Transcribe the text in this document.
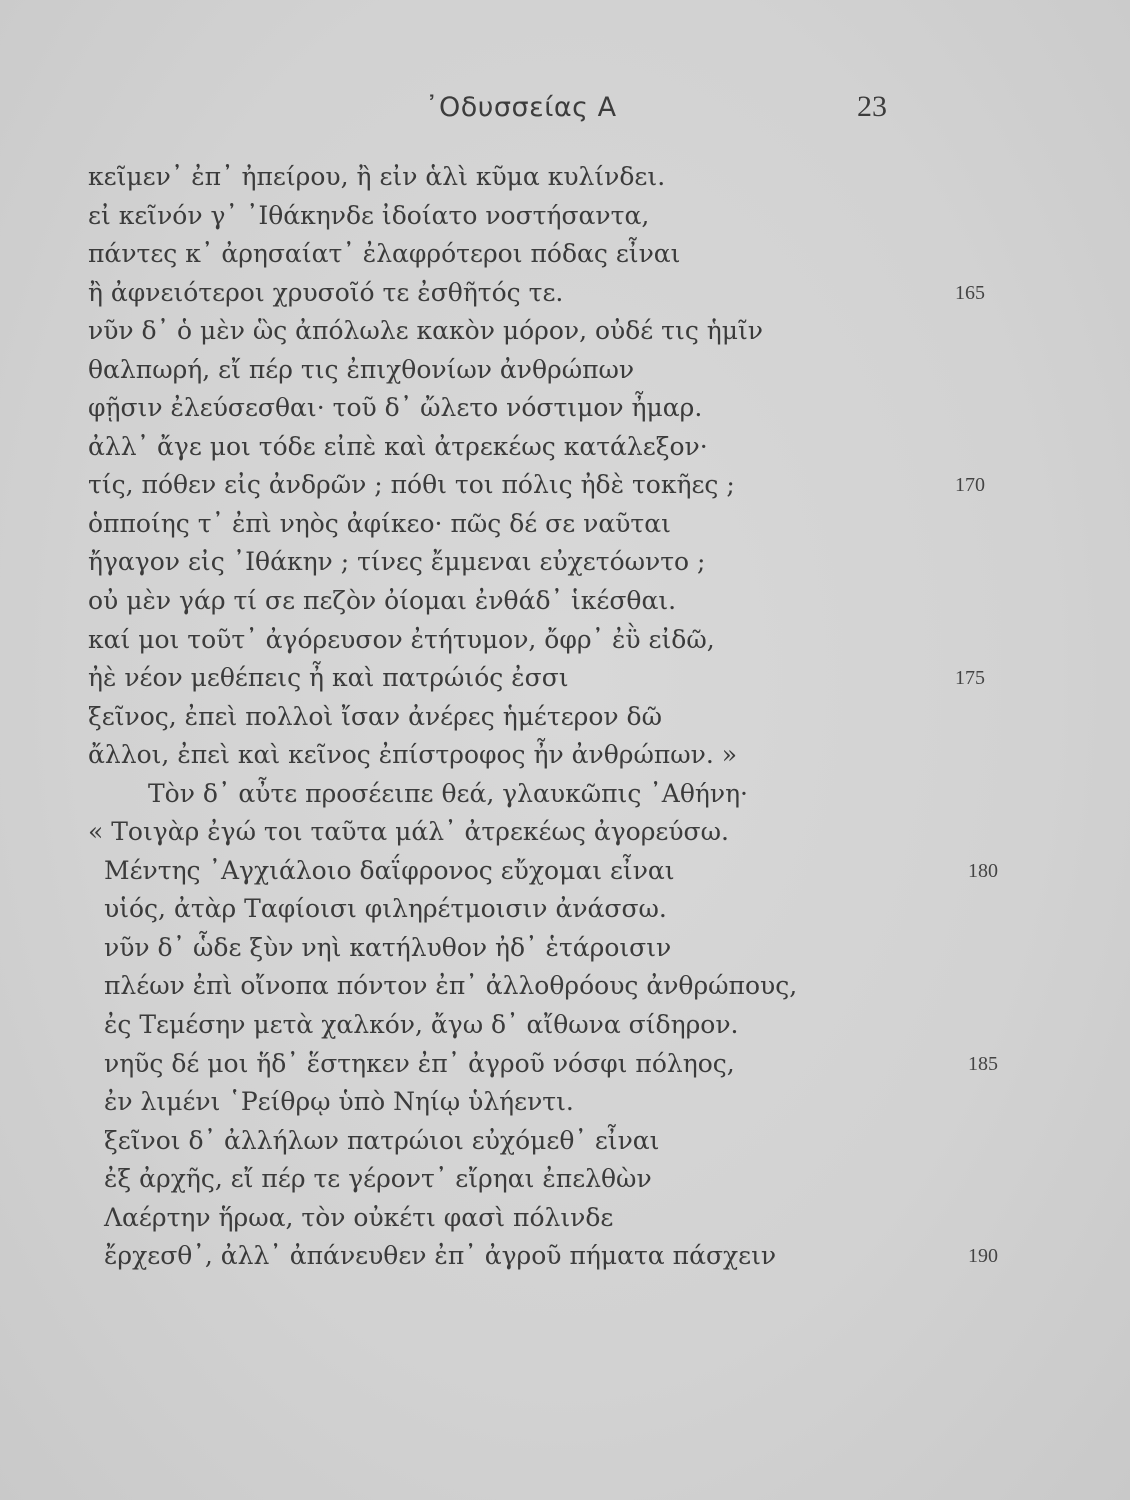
᾿Οδυσσείας Α	23
κεῖμεν᾿ ἐπ᾿ ἠπείρου, ἢ εἰν ἁλὶ κῦμα κυλίνδει.
εἰ κεῖνόν γ᾿ ᾿Ιθάκηνδε ἰδοίατο νοστήσαντα,
πάντες κ᾿ ἀρησαίατ᾿ ἐλαφρότεροι πόδας εἶναι
ἢ ἀφνειότεροι χρυσοῖό τε ἐσθῆτός τε.	165
νῦν δ᾿ ὁ μὲν ὣς ἀπόλωλε κακὸν μόρον, οὐδέ τις ἡμῖν
θαλπωρή, εἴ πέρ τις ἐπιχθονίων ἀνθρώπων
φῇσιν ἐλεύσεσθαι· τοῦ δ᾿ ὤλετο νόστιμον ἦμαρ.
ἀλλ᾿ ἄγε μοι τόδε εἰπὲ καὶ ἀτρεκέως κατάλεξον·
τίς, πόθεν εἰς ἀνδρῶν ; πόθι τοι πόλις ἠδὲ τοκῆες ;	170
ὁπποίης τ᾿ ἐπὶ νηὸς ἀφίκεο· πῶς δέ σε ναῦται
ἤγαγον εἰς ᾿Ιθάκην ; τίνες ἔμμεναι εὐχετόωντο ;
οὐ μὲν γάρ τί σε πεζὸν ὀίομαι ἐνθάδ᾿ ἱκέσθαι.
καί μοι τοῦτ᾿ ἀγόρευσον ἐτήτυμον, ὄφρ᾿ ἐῢ εἰδῶ,
ἠὲ νέον μεθέπεις ἦ καὶ πατρώιός ἐσσι	175
ξεῖνος, ἐπεὶ πολλοὶ ἴσαν ἀνέρες ἡμέτερον δῶ
ἄλλοι, ἐπεὶ καὶ κεῖνος ἐπίστροφος ἦν ἀνθρώπων. »
Τὸν δ᾿ αὖτε προσέειπε θεά, γλαυκῶπις ᾿Αθήνη·
« Τοιγὰρ ἐγώ τοι ταῦτα μάλ᾿ ἀτρεκέως ἀγορεύσω.
Μέντης ᾿Αγχιάλοιο δαΐφρονος εὔχομαι εἶναι	180
υἱός, ἀτὰρ Ταφίοισι φιληρέτμοισιν ἀνάσσω.
νῦν δ᾿ ὧδε ξὺν νηὶ κατήλυθον ἠδ᾿ ἑτάροισιν
πλέων ἐπὶ οἴνοπα πόντον ἐπ᾿ ἀλλοθρόους ἀνθρώπους,
ἐς Τεμέσην μετὰ χαλκόν, ἄγω δ᾿ αἴθωνα σίδηρον.
νηῦς δέ μοι ἥδ᾿ ἕστηκεν ἐπ᾿ ἀγροῦ νόσφι πόληος,	185
ἐν λιμένι ῾Ρείθρῳ ὑπὸ Νηίῳ ὑλήεντι.
ξεῖνοι δ᾿ ἀλλήλων πατρώιοι εὐχόμεθ᾿ εἶναι
ἐξ ἀρχῆς, εἴ πέρ τε γέροντ᾿ εἴρηαι ἐπελθὼν
Λαέρτην ἥρωα, τὸν οὐκέτι φασὶ πόλινδε
ἔρχεσθ᾿, ἀλλ᾿ ἀπάνευθεν ἐπ᾿ ἀγροῦ πήματα πάσχειν	190
